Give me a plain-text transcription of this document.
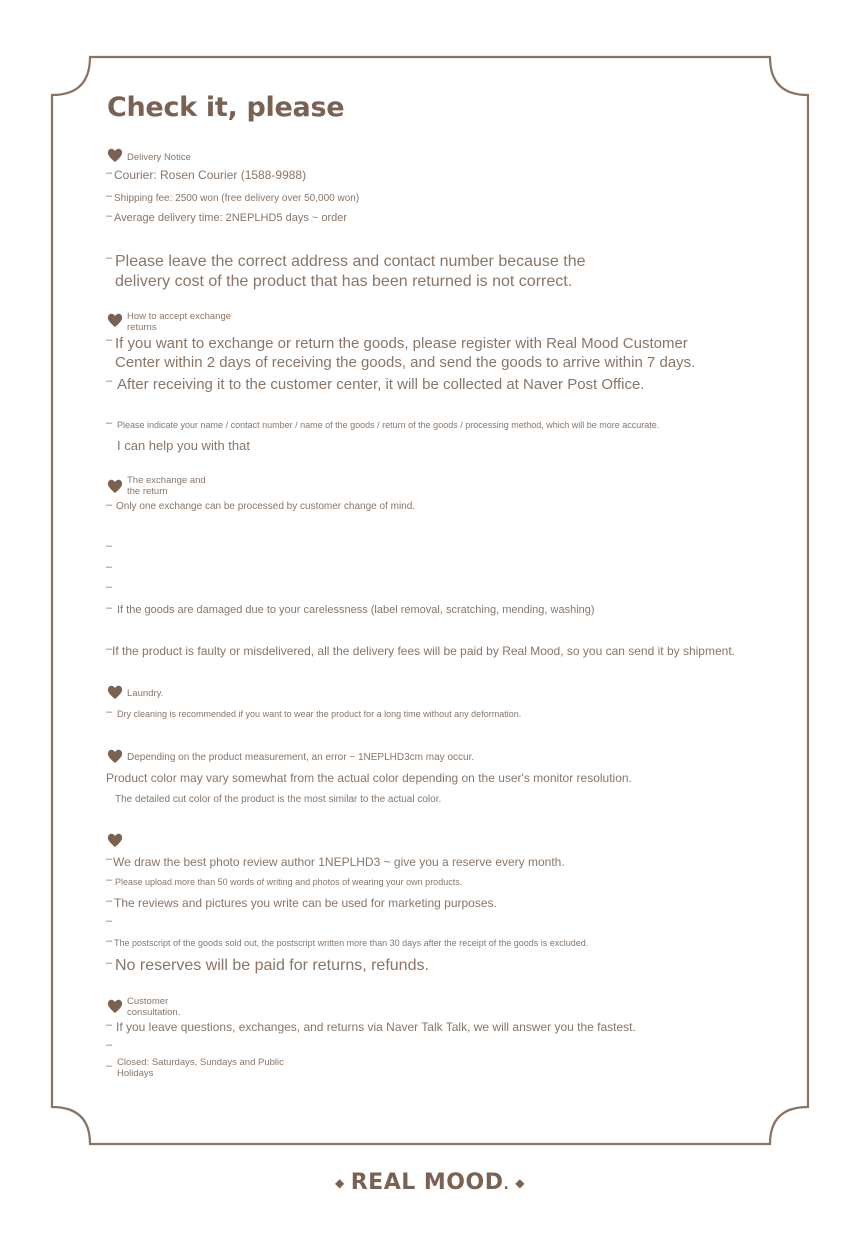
Check it, please
Delivery Notice
– Courier: Rosen Courier (1588-9988)
– Shipping fee: 2500 won (free delivery over 50,000 won)
– Average delivery time: 2NEPLHD5 days ~ order
– Please leave the correct address and contact number because the
delivery cost of the product that has been returned is not correct.
How to accept exchange
returns
– If you want to exchange or return the goods, please register with Real Mood Customer
Center within 2 days of receiving the goods, and send the goods to arrive within 7 days.
– After receiving it to the customer center, it will be collected at Naver Post Office.
– Please indicate your name / contact number / name of the goods / return of the goods / processing method, which will be more accurate.
I can help you with that
The exchange and
the return
– Only one exchange can be processed by customer change of mind.
–
–
–
– If the goods are damaged due to your carelessness (label removal, scratching, mending, washing)
– If the product is faulty or misdelivered, all the delivery fees will be paid by Real Mood, so you can send it by shipment.
Laundry.
– Dry cleaning is recommended if you want to wear the product for a long time without any deformation.
Depending on the product measurement, an error ~ 1NEPLHD3cm may occur.
Product color may vary somewhat from the actual color depending on the user's monitor resolution.
The detailed cut color of the product is the most similar to the actual color.
– We draw the best photo review author 1NEPLHD3 ~ give you a reserve every month.
– Please upload more than 50 words of writing and photos of wearing your own products.
– The reviews and pictures you write can be used for marketing purposes.
–
– The postscript of the goods sold out, the postscript written more than 30 days after the receipt of the goods is excluded.
– No reserves will be paid for returns, refunds.
Customer
consultation.
– If you leave questions, exchanges, and returns via Naver Talk Talk, we will answer you the fastest.
–
– Closed: Saturdays, Sundays and Public
Holidays
◆ REAL MOOD. ◆
